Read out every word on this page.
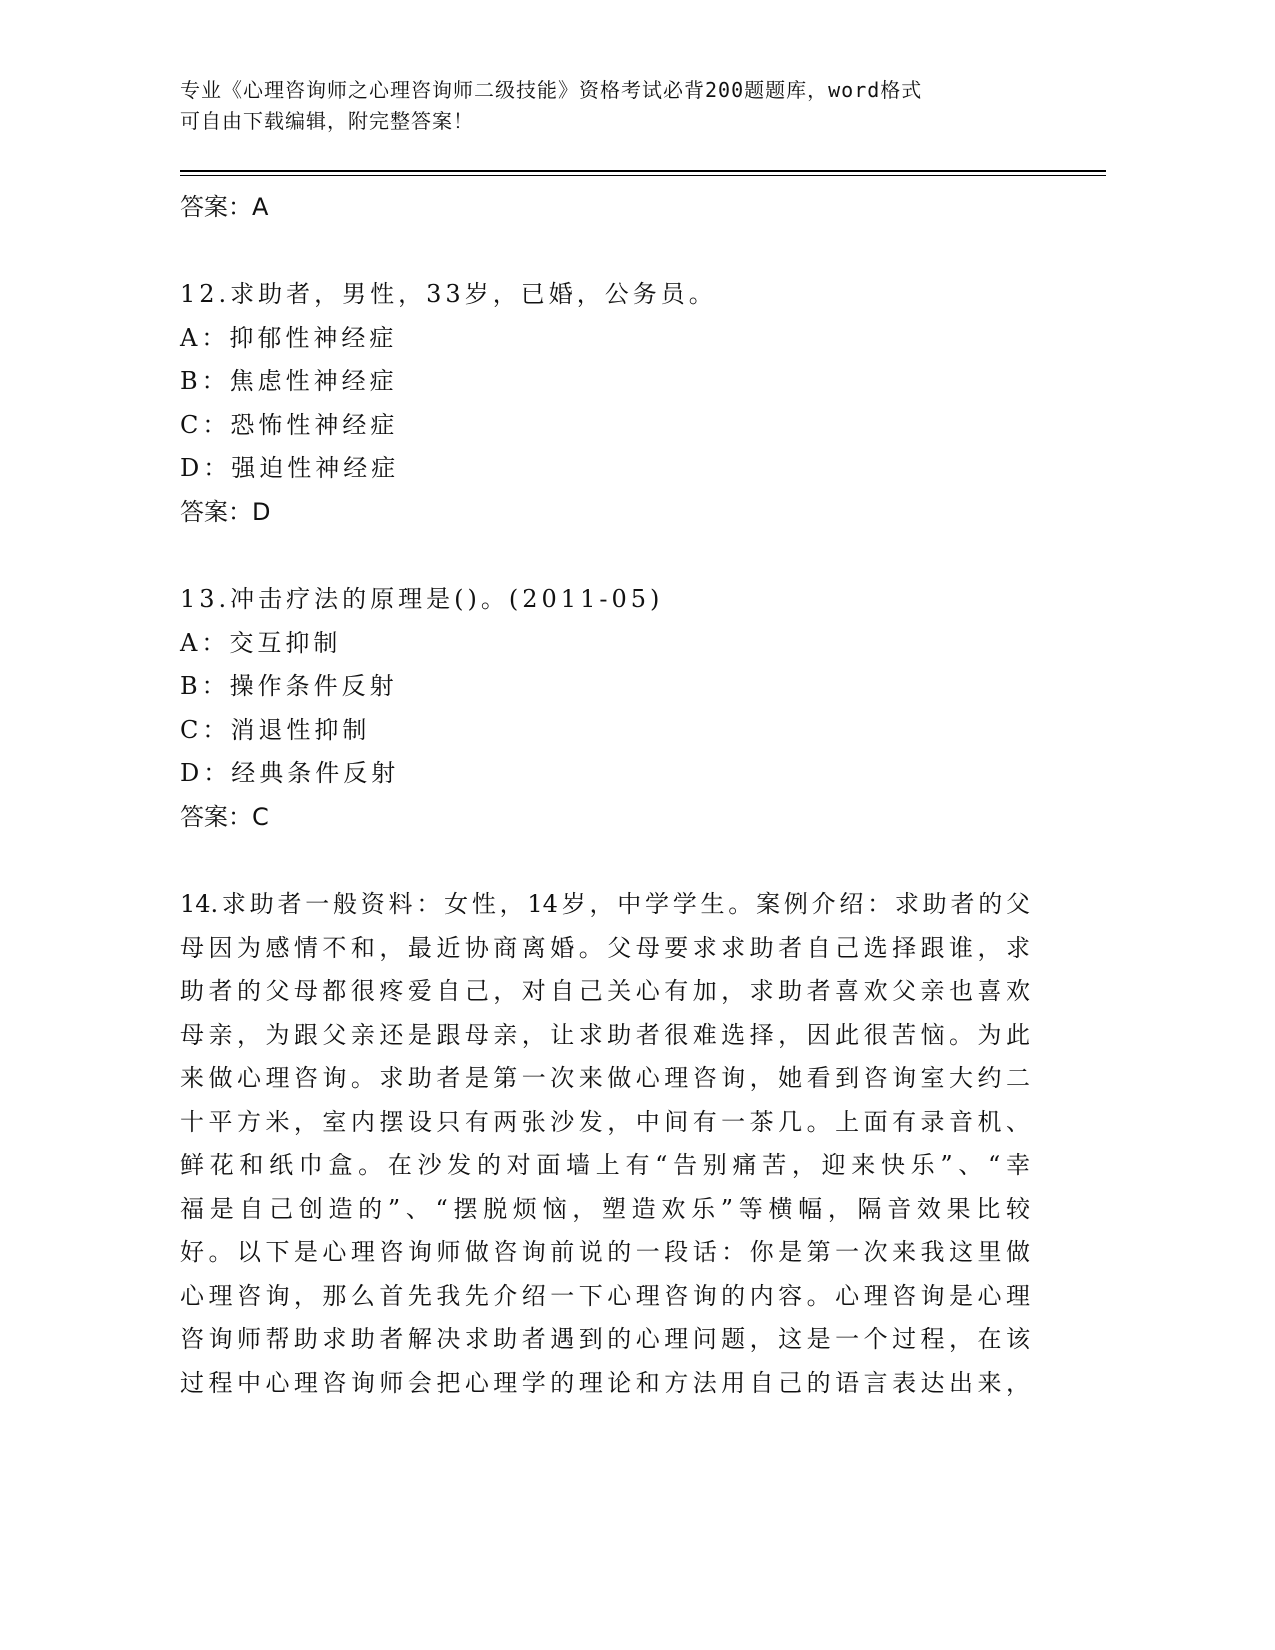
专业《心理咨询师之心理咨询师二级技能》资格考试必背200题题库，word格式
可自由下载编辑，附完整答案！
答案：A
12.求助者，男性，33岁，已婚，公务员。
A：抑郁性神经症
B：焦虑性神经症
C：恐怖性神经症
D：强迫性神经症
答案：D
13.冲击疗法的原理是()。(2011-05)
A：交互抑制
B：操作条件反射
C：消退性抑制
D：经典条件反射
答案：C
14.求助者一般资料：女性，14岁，中学学生。案例介绍：求助者的父
母因为感情不和，最近协商离婚。父母要求求助者自己选择跟谁，求
助者的父母都很疼爱自己，对自己关心有加，求助者喜欢父亲也喜欢
母亲，为跟父亲还是跟母亲，让求助者很难选择，因此很苦恼。为此
来做心理咨询。求助者是第一次来做心理咨询，她看到咨询室大约二
十平方米，室内摆设只有两张沙发，中间有一茶几。上面有录音机、
鲜花和纸巾盒。在沙发的对面墙上有“告别痛苦，迎来快乐”、“幸
福是自己创造的”、“摆脱烦恼，塑造欢乐”等横幅，隔音效果比较
好。以下是心理咨询师做咨询前说的一段话：你是第一次来我这里做
心理咨询，那么首先我先介绍一下心理咨询的内容。心理咨询是心理
咨询师帮助求助者解决求助者遇到的心理问题，这是一个过程，在该
过程中心理咨询师会把心理学的理论和方法用自己的语言表达出来，
